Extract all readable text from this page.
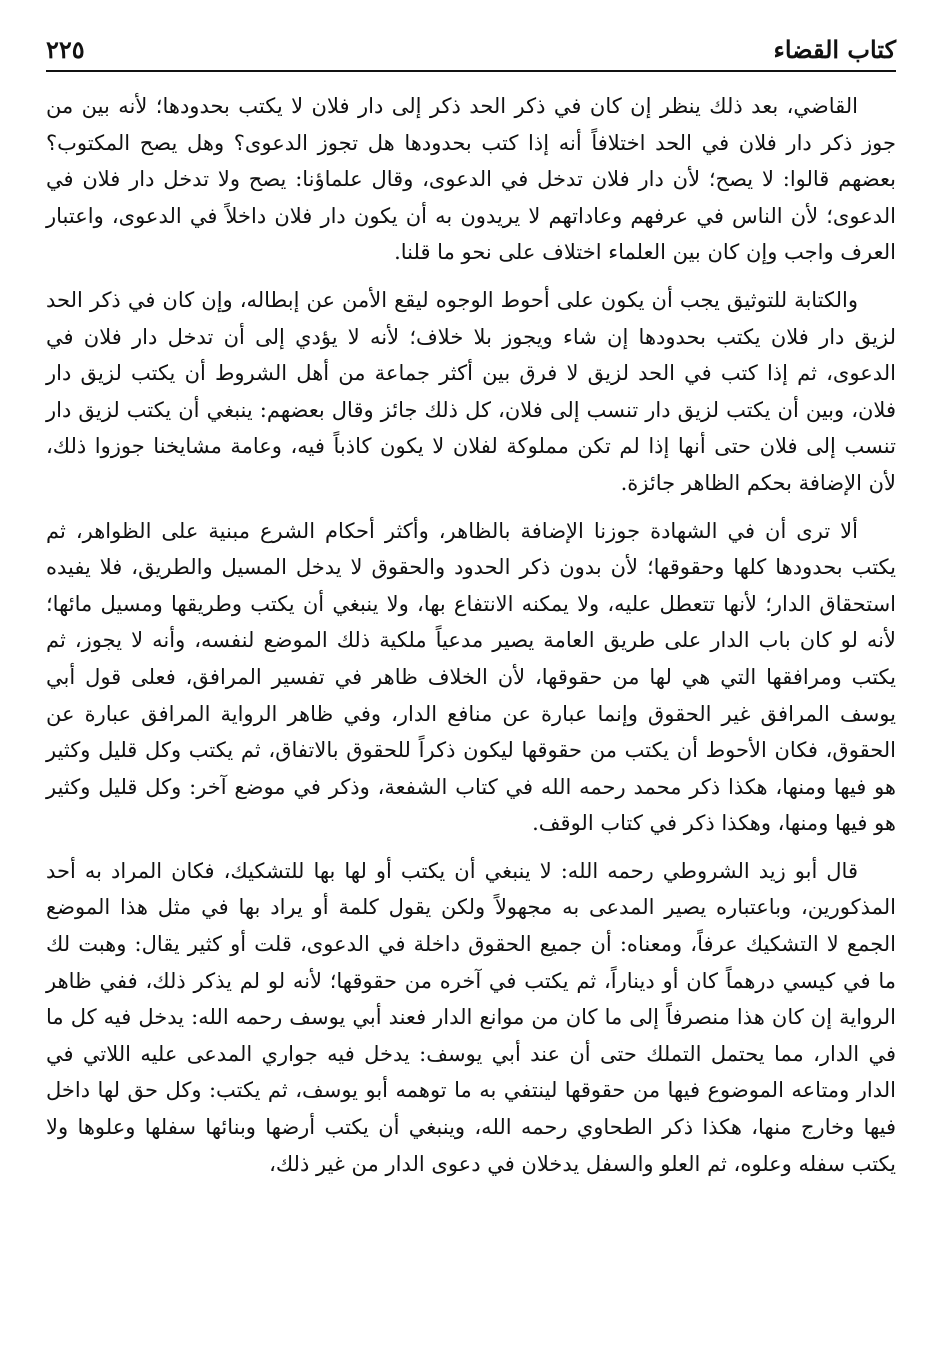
كتاب القضاء
٢٢٥

القاضي، بعد ذلك ينظر إن كان في ذكر الحد ذكر إلى دار فلان لا يكتب بحدودها؛ لأنه بين من جوز ذكر دار فلان في الحد اختلافاً أنه إذا كتب بحدودها هل تجوز الدعوى؟ وهل يصح المكتوب؟ بعضهم قالوا: لا يصح؛ لأن دار فلان تدخل في الدعوى، وقال علماؤنا: يصح ولا تدخل دار فلان في الدعوى؛ لأن الناس في عرفهم وعاداتهم لا يريدون به أن يكون دار فلان داخلاً في الدعوى، واعتبار العرف واجب وإن كان بين العلماء اختلاف على نحو ما قلنا.

والكتابة للتوثيق يجب أن يكون على أحوط الوجوه ليقع الأمن عن إبطاله، وإن كان في ذكر الحد لزيق دار فلان يكتب بحدودها إن شاء ويجوز بلا خلاف؛ لأنه لا يؤدي إلى أن تدخل دار فلان في الدعوى، ثم إذا كتب في الحد لزيق لا فرق بين أكثر جماعة من أهل الشروط أن يكتب لزيق دار فلان، وبين أن يكتب لزيق دار تنسب إلى فلان، كل ذلك جائز وقال بعضهم: ينبغي أن يكتب لزيق دار تنسب إلى فلان حتى أنها إذا لم تكن مملوكة لفلان لا يكون كاذباً فيه، وعامة مشايخنا جوزوا ذلك، لأن الإضافة بحكم الظاهر جائزة.

ألا ترى أن في الشهادة جوزنا الإضافة بالظاهر، وأكثر أحكام الشرع مبنية على الظواهر، ثم يكتب بحدودها كلها وحقوقها؛ لأن بدون ذكر الحدود والحقوق لا يدخل المسيل والطريق، فلا يفيده استحقاق الدار؛ لأنها تتعطل عليه، ولا يمكنه الانتفاع بها، ولا ينبغي أن يكتب وطريقها ومسيل مائها؛ لأنه لو كان باب الدار على طريق العامة يصير مدعياً ملكية ذلك الموضع لنفسه، وأنه لا يجوز، ثم يكتب ومرافقها التي هي لها من حقوقها، لأن الخلاف ظاهر في تفسير المرافق، فعلى قول أبي يوسف المرافق غير الحقوق وإنما عبارة عن منافع الدار، وفي ظاهر الرواية المرافق عبارة عن الحقوق، فكان الأحوط أن يكتب من حقوقها ليكون ذكراً للحقوق بالاتفاق، ثم يكتب وكل قليل وكثير هو فيها ومنها، هكذا ذكر محمد رحمه الله في كتاب الشفعة، وذكر في موضع آخر: وكل قليل وكثير هو فيها ومنها، وهكذا ذكر في كتاب الوقف.

قال أبو زيد الشروطي رحمه الله: لا ينبغي أن يكتب أو لها بها للتشكيك، فكان المراد به أحد المذكورين، وباعتباره يصير المدعى به مجهولاً ولكن يقول كلمة أو يراد بها في مثل هذا الموضع الجمع لا التشكيك عرفاً، ومعناه: أن جميع الحقوق داخلة في الدعوى، قلت أو كثير يقال: وهبت لك ما في كيسي درهماً كان أو ديناراً، ثم يكتب في آخره من حقوقها؛ لأنه لو لم يذكر ذلك، ففي ظاهر الرواية إن كان هذا منصرفاً إلى ما كان من موانع الدار فعند أبي يوسف رحمه الله: يدخل فيه كل ما في الدار، مما يحتمل التملك حتى أن عند أبي يوسف: يدخل فيه جواري المدعى عليه اللاتي في الدار ومتاعه الموضوع فيها من حقوقها لينتفي به ما توهمه أبو يوسف، ثم يكتب: وكل حق لها داخل فيها وخارج منها، هكذا ذكر الطحاوي رحمه الله، وينبغي أن يكتب أرضها وبنائها سفلها وعلوها ولا يكتب سفله وعلوه، ثم العلو والسفل يدخلان في دعوى الدار من غير ذلك،
